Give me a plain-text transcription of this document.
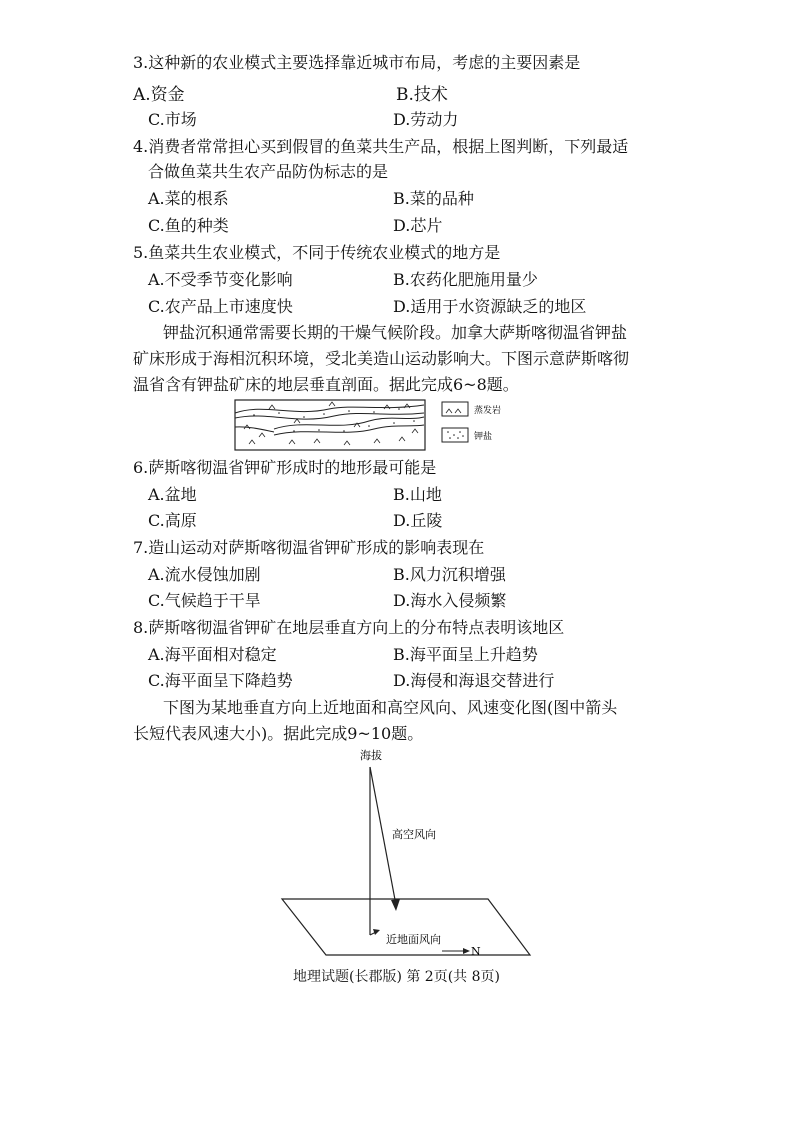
3.这种新的农业模式主要选择靠近城市布局，考虑的主要因素是
A.资金	B.技术
C.市场	D.劳动力
4.消费者常常担心买到假冒的鱼菜共生产品，根据上图判断，下列最适
合做鱼菜共生农产品防伪标志的是
A.菜的根系	B.菜的品种
C.鱼的种类	D.芯片
5.鱼菜共生农业模式，不同于传统农业模式的地方是
A.不受季节变化影响	B.农药化肥施用量少
C.农产品上市速度快	D.适用于水资源缺乏的地区
钾盐沉积通常需要长期的干燥气候阶段。加拿大萨斯喀彻温省钾盐
矿床形成于海相沉积环境，受北美造山运动影响大。下图示意萨斯喀彻
温省含有钾盐矿床的地层垂直剖面。据此完成6~8题。
蒸发岩
钾盐
6.萨斯喀彻温省钾矿形成时的地形最可能是
A.盆地	B.山地
C.高原	D.丘陵
7.造山运动对萨斯喀彻温省钾矿形成的影响表现在
A.流水侵蚀加剧	B.风力沉积增强
C.气候趋于干旱	D.海水入侵频繁
8.萨斯喀彻温省钾矿在地层垂直方向上的分布特点表明该地区
A.海平面相对稳定	B.海平面呈上升趋势
C.海平面呈下降趋势	D.海侵和海退交替进行
下图为某地垂直方向上近地面和高空风向、风速变化图(图中箭头
长短代表风速大小)。据此完成9~10题。
海拔
高空风向
近地面风向
N
地理试题(长郡版) 第 2页(共 8页)
